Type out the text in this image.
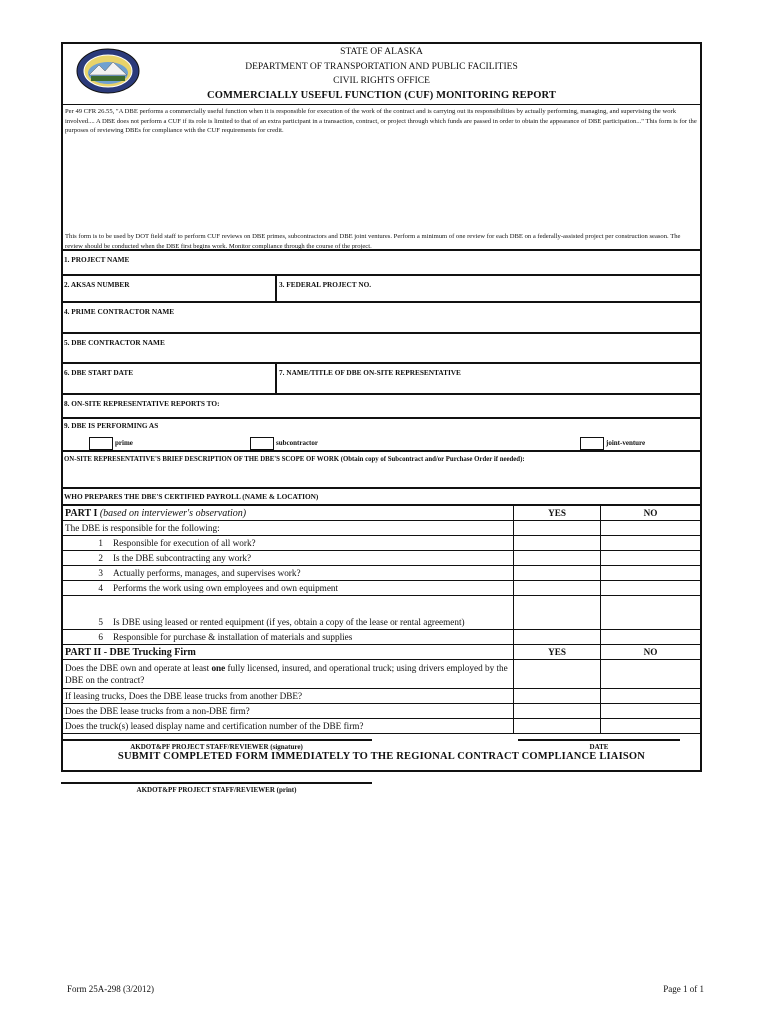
STATE OF ALASKA
DEPARTMENT OF TRANSPORTATION AND PUBLIC FACILITIES
CIVIL RIGHTS OFFICE
COMMERCIALLY USEFUL FUNCTION (CUF) MONITORING REPORT
Per 49 CFR 26.55, "A DBE performs a commercially useful function when it is responsible for execution of the work of the contract and is carrying out its responsibilities by actually performing, managing, and supervising the work involved.... A DBE does not perform a CUF if its role is limited to that of an extra participant in a transaction, contract, or project through which funds are passed in order to obtain the appearance of DBE participation..." This form is for the purposes of reviewing DBEs for compliance with the CUF requirements for credit.
This form is to be used by DOT field staff to perform CUF reviews on DBE primes, subcontractors and DBE joint ventures. Perform a minimum of one review for each DBE on a federally-assisted project per construction season. The review should be conducted when the DBE first begins work. Monitor compliance through the course of the project.
1. PROJECT NAME
2. AKSAS NUMBER	3. FEDERAL PROJECT NO.
4. PRIME CONTRACTOR NAME
5. DBE CONTRACTOR NAME
6. DBE START DATE	7. NAME/TITLE OF DBE ON-SITE REPRESENTATIVE
8. ON-SITE REPRESENTATIVE REPORTS TO:
9. DBE IS PERFORMING AS
prime	subcontractor	joint-venture
ON-SITE REPRESENTATIVE'S BRIEF DESCRIPTION OF THE DBE'S SCOPE OF WORK (Obtain copy of Subcontract and/or Purchase Order if needed):
WHO PREPARES THE DBE'S CERTIFIED PAYROLL (NAME & LOCATION)
PART I (based on interviewer's observation)	YES	NO
The DBE is responsible for the following:		
1 Responsible for execution of all work?		
2 Is the DBE subcontracting any work?		
3 Actually performs, manages, and supervises work?		
4 Performs the work using own employees and own equipment		
5 Is DBE using leased or rented equipment (if yes, obtain a copy of the lease or rental agreement)		
6 Responsible for purchase & installation of materials and supplies		
PART II - DBE Trucking Firm	YES	NO
Does the DBE own and operate at least one fully licensed, insured, and operational truck; using drivers employed by the DBE on the contract?		
If leasing trucks, Does the DBE lease trucks from another DBE?		
Does the DBE lease trucks from a non-DBE firm?		
Does the truck(s) leased display name and certification number of the DBE firm?		
SUBMIT COMPLETED FORM IMMEDIATELY TO THE REGIONAL CONTRACT COMPLIANCE LIAISON
AKDOT&PF PROJECT STAFF/REVIEWER (signature)	DATE
AKDOT&PF PROJECT STAFF/REVIEWER (print)
Form 25A-298 (3/2012)	Page 1 of 1
